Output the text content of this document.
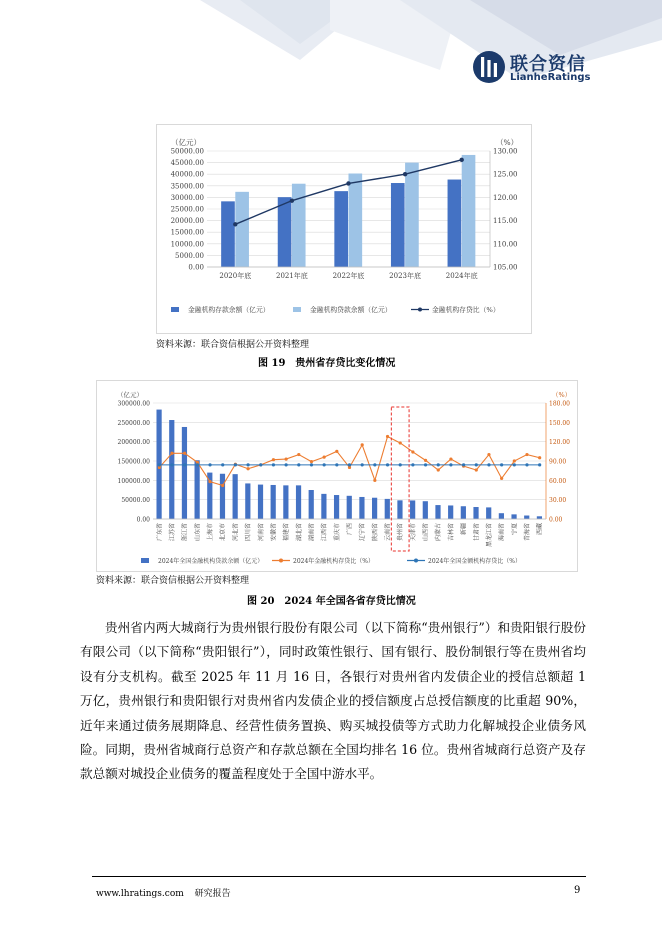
联合资信
LianheRatings
0.00
5000.00
10000.00
15000.00
20000.00
25000.00
30000.00
35000.00
40000.00
45000.00
50000.00
105.00
110.00
115.00
120.00
125.00
130.00
（亿元）	（%）
2020年底	2021年底	2022年底	2023年底	2024年底
金融机构存款余额（亿元）	金融机构贷款余额（亿元）	金融机构存贷比（%）
资料来源：联合资信根据公开资料整理
图 19　贵州省存贷比变化情况
0.00
50000.00
100000.00
150000.00
200000.00
250000.00
300000.00
0.00
30.00
60.00
90.00
120.00
150.00
180.00
（亿元）	（%）
广东省 江苏省 浙江省 山东省 上海市 北京市 河北省 四川省 河南省 安徽省 福建省 湖北省 湖南省 江西省 重庆市 广西 辽宁省 陕西省 云南省 贵州省 天津市 山西省 内蒙古 吉林省 新疆 甘肃省 黑龙江省 海南省 宁夏 青海省 西藏
2024年全国金融机构贷款余额（亿元）	2024年金融机构存贷比（%）	2024年全国金额机构存贷比（%）
资料来源：联合资信根据公开资料整理
图 20　2024 年全国各省存贷比情况
贵州省内两大城商行为贵州银行股份有限公司（以下简称“贵州银行”）和贵阳银行股份有限公司（以下简称“贵阳银行”），同时政策性银行、国有银行、股份制银行等在贵州省均设有分支机构。截至 2025 年 11 月 16 日，各银行对贵州省内发债企业的授信总额超 1 万亿，贵州银行和贵阳银行对贵州省内发债企业的授信额度占总授信额度的比重超 90%，近年来通过债务展期降息、经营性债务置换、购买城投债等方式助力化解城投企业债务风险。同期，贵州省城商行总资产和存款总额在全国均排名 16 位。贵州省城商行总资产及存款总额对城投企业债务的覆盖程度处于全国中游水平。
www.lhratings.com 研究报告	9
